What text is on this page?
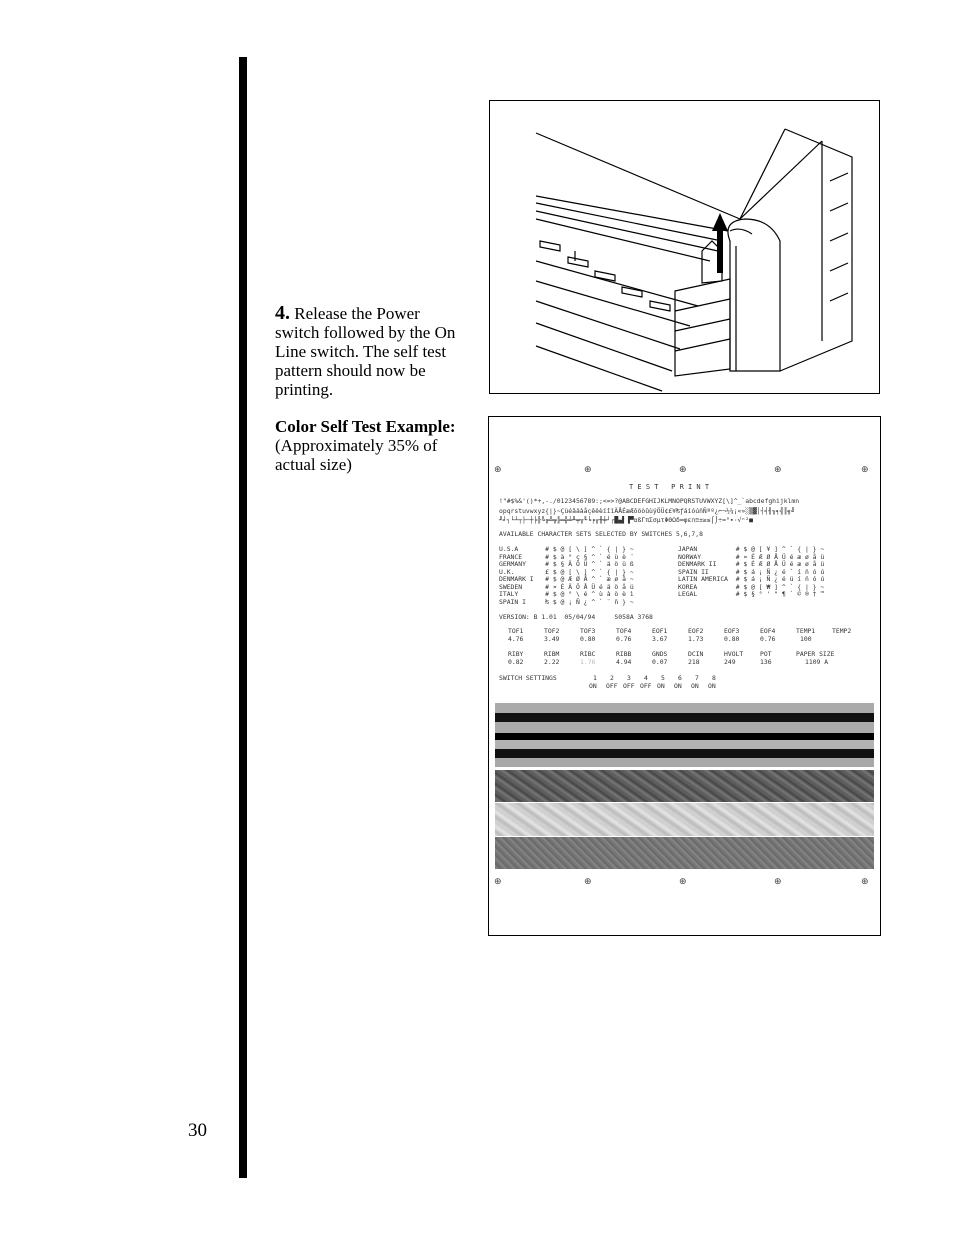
4. Release the Power switch followed by the On Line switch. The self test pattern should now be printing.
Color Self Test Example:
(Approximately 35% of actual size)
30
⊕	⊕	⊕	⊕	⊕
T E S T   P R I N T
!"#$%&'()*+,-./0123456789:;<=>?@ABCDEFGHIJKLMNOPQRSTUVWXYZ[\]^_`abcdefghijklmn
opqrstuvwxyz{|}~ÇüéâäàåçêëèïîìÄÅÉæÆôöòûùÿÖÜ¢£¥₧ƒáíóúñÑªº¿⌐¬½¼¡«»░▒▓│┤╡╢╖╕╣║╗╝
╜╛┐└┴┬├─┼╞╟╚╔╩╦╠═╬╧╨╤╥╙╘╒╓╫╪┘┌█▄▌▐▀αßΓπΣσµτΦΘΩδ∞φε∩≡±≥≤⌠⌡÷≈°∙·√ⁿ²■
AVAILABLE CHARACTER SETS SELECTED BY SWITCHES 5,6,7,8
U.S.A       # $ @ [ \ ] ^ ` { | } ~
FRANCE      # $ à ° ç § ^ ` é ù è ¨
GERMANY     # $ § Ä Ö Ü ^ ` ä ö ü ß
U.K.        £ $ @ [ \ ] ^ ` { | } ~
DENMARK I   # $ @ Æ Ø Å ^ ` æ ø å ~
SWEDEN      # ¤ É Ä Ö Å Ü é ä ö å ü
ITALY       # $ @ ° \ é ^ ù à ò è ì
SPAIN I     ₧ $ @ ¡ Ñ ¿ ^ ` ¨ ñ } ~
JAPAN          # $ @ [ ¥ ] ^ ` { | } ~
NORWAY         # ¤ É Æ Ø Å Ü é æ ø å ü
DENMARK II     # $ É Æ Ø Å Ü é æ ø å ü
SPAIN II       # $ á ¡ Ñ ¿ é ` í ñ ó ú
LATIN AMERICA  # $ á ¡ Ñ ¿ é ü í ñ ó ú
KOREA          # $ @ [ ₩ ] ^ ` { | } ~
LEGAL          # $ § ° ' " ¶ ` © ® † ™
VERSION: B 1.01  05/04/94     S058A 3768
TOF1	TOF2	TOF3	TOF4	EOF1	EOF2	EOF3	EOF4	TEMP1	TEMP2
4.76	3.49	0.80	0.76	3.67	1.73	0.80	0.76	100
RIBY	RIBM	RIBC	RIBB	GNDS	DCIN	HVOLT	POT	PAPER SIZE
0.82	2.22	1.76	4.94	0.07	218	249	136	1109 A
SWITCH SETTINGS	1 2 3 4 5 6 7 8
ON OFF OFF OFF ON ON ON ON
⊕	⊕	⊕	⊕	⊕
